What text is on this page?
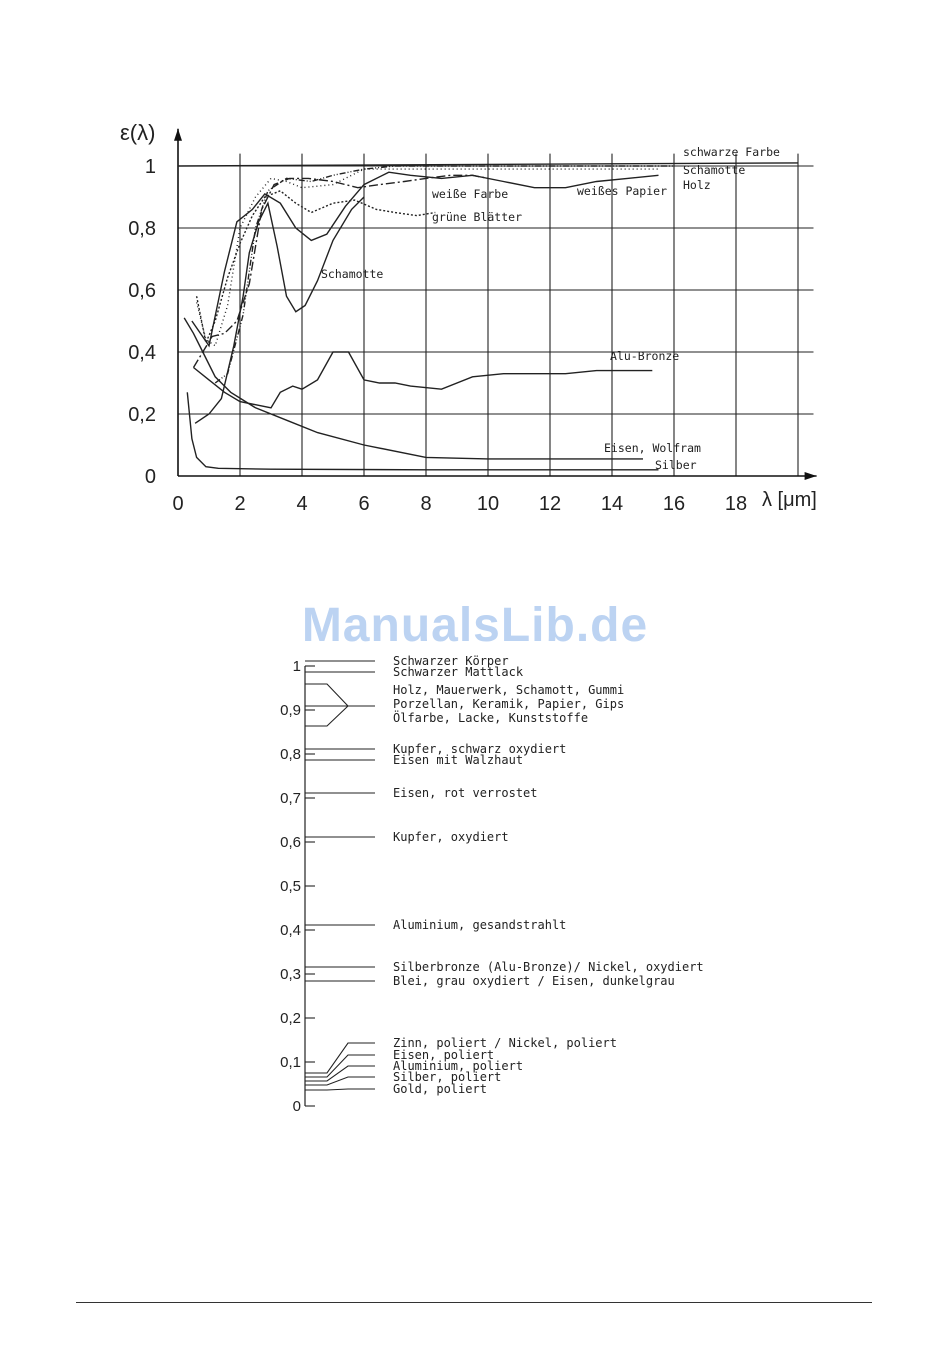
0	2	4	6	8 10 12 14 16 18
0
0,2
0,4
0,6
0,8
1
ε(λ)
λ [μm]
schwarze Farbe
Schamotte
Holz
weiße Farbe	weißes Papier
grüne Blätter
Schamotte
Alu-Bronze
Eisen, Wolfram
Silber
ManualsLib.de
0
0,1
0,2
0,3
0,4
0,5
0,6
0,7
0,8
0,9
1	Schwarzer Körper
Schwarzer Mattlack
Holz, Mauerwerk, Schamott, Gummi
Porzellan, Keramik, Papier, Gips
Ölfarbe, Lacke, Kunststoffe
Kupfer, schwarz oxydiert
Eisen mit Walzhaut
Eisen, rot verrostet
Kupfer, oxydiert
Aluminium, gesandstrahlt
Silberbronze (Alu-Bronze)/ Nickel, oxydiert
Blei, grau oxydiert / Eisen, dunkelgrau
Zinn, poliert / Nickel, poliert
Eisen, poliert
Aluminium, poliert
Silber, poliert
Gold, poliert
